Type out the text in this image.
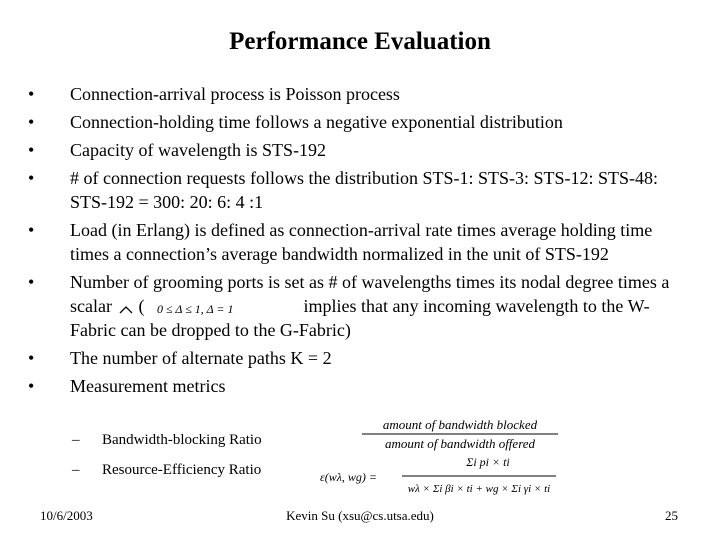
Performance Evaluation
•	Connection-arrival process is Poisson process
•	Connection-holding time follows a negative exponential distribution
•	Capacity of wavelength is STS-192
•	# of connection requests follows the distribution STS-1: STS-3: STS-12: STS-48: STS-192 = 300: 20: 6: 4 :1
•	Load (in Erlang) is defined as connection-arrival rate times average holding time times a connection’s average bandwidth normalized in the unit of STS-192
•	Number of grooming ports is set as # of wavelengths times its nodal degree times a scalar ( 0 ≤ Δ ≤ 1, Δ = 1	implies that any incoming wavelength to the W-Fabric can be dropped to the G-Fabric)
•	The number of alternate paths K = 2
•	Measurement metrics
– Bandwidth-blocking Ratio
– Resource-Efficiency Ratio
amount of bandwidth blocked
amount of bandwidth offered
ε(wλ, wg) =
Σi pi × ti
wλ × Σi βi × ti + wg × Σi γi × ti
10/6/2003	Kevin Su (xsu@cs.utsa.edu)	25
